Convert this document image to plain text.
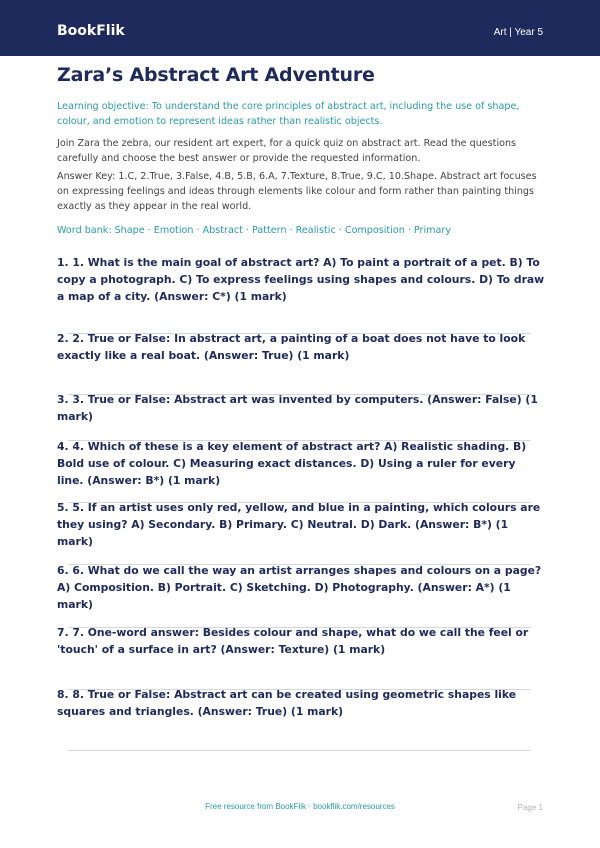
BookFlik	Art | Year 5
Zara’s Abstract Art Adventure

Learning objective: To understand the core principles of abstract art, including the use of shape, colour, and emotion to represent ideas rather than realistic objects.

Join Zara the zebra, our resident art expert, for a quick quiz on abstract art. Read the questions carefully and choose the best answer or provide the requested information.

Answer Key: 1.C, 2.True, 3.False, 4.B, 5.B, 6.A, 7.Texture, 8.True, 9.C, 10.Shape. Abstract art focuses on expressing feelings and ideas through elements like colour and form rather than painting things exactly as they appear in the real world.

Word bank: Shape · Emotion · Abstract · Pattern · Realistic · Composition · Primary

1. 1. What is the main goal of abstract art? A) To paint a portrait of a pet. B) To copy a photograph. C) To express feelings using shapes and colours. D) To draw a map of a city. (Answer: C*) (1 mark)

2. 2. True or False: In abstract art, a painting of a boat does not have to look exactly like a real boat. (Answer: True) (1 mark)

3. 3. True or False: Abstract art was invented by computers. (Answer: False) (1 mark)

4. 4. Which of these is a key element of abstract art? A) Realistic shading. B) Bold use of colour. C) Measuring exact distances. D) Using a ruler for every line. (Answer: B*) (1 mark)

5. 5. If an artist uses only red, yellow, and blue in a painting, which colours are they using? A) Secondary. B) Primary. C) Neutral. D) Dark. (Answer: B*) (1 mark)

6. 6. What do we call the way an artist arranges shapes and colours on a page? A) Composition. B) Portrait. C) Sketching. D) Photography. (Answer: A*) (1 mark)

7. 7. One-word answer: Besides colour and shape, what do we call the feel or 'touch' of a surface in art? (Answer: Texture) (1 mark)

8. 8. True or False: Abstract art can be created using geometric shapes like squares and triangles. (Answer: True) (1 mark)

Free resource from BookFlik · bookflik.com/resources	Page 1
